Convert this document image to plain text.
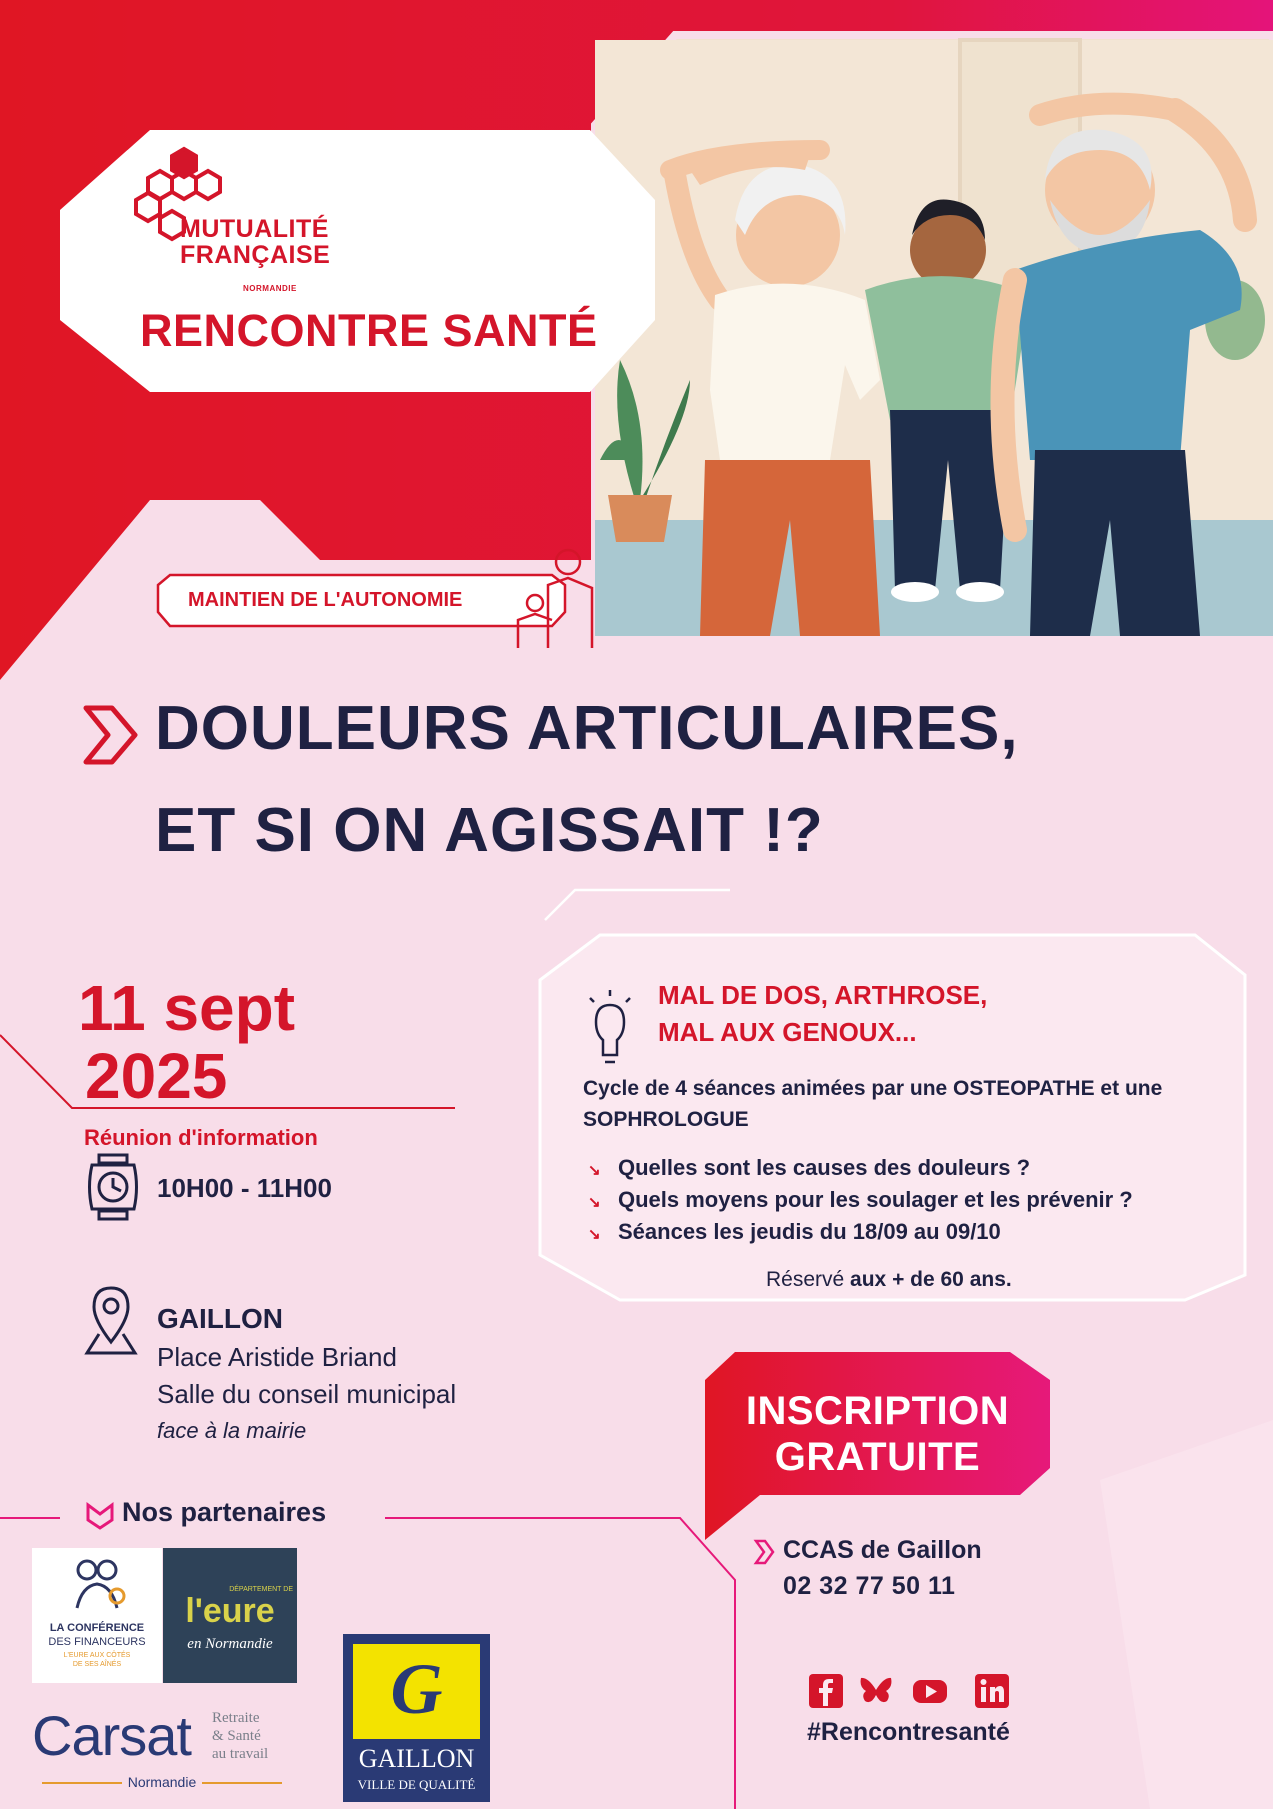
MUTUALITÉ
FRANÇAISE
NORMANDIE
RENCONTRE SANTÉ
MAINTIEN DE L'AUTONOMIE
DOULEURS ARTICULAIRES,
ET SI ON AGISSAIT !?
11 sept
2025
Réunion d'information
10H00 - 11H00
GAILLON
Place Aristide Briand
Salle du conseil municipal
face à la mairie
MAL DE DOS, ARTHROSE,
MAL AUX GENOUX...
Cycle de 4 séances animées par une OSTEOPATHE et une SOPHROLOGUE
↘ Quelles sont les causes des douleurs ?
↘ Quels moyens pour les soulager et les prévenir ?
↘ Séances les jeudis du 18/09 au 09/10
Réservé aux + de 60 ans.
INSCRIPTION
GRATUITE
CCAS de Gaillon
02 32 77 50 11
Nos partenaires
LA CONFÉRENCE
DES FINANCEURS
L'EURE AUX CÔTÉS
DE SES AÎNÉS
DÉPARTEMENT DE
l'eure
en Normandie
Carsat	Retraite
& Santé
au travail
Normandie
G
GAILLON
VILLE DE QUALITÉ
#Rencontresanté
